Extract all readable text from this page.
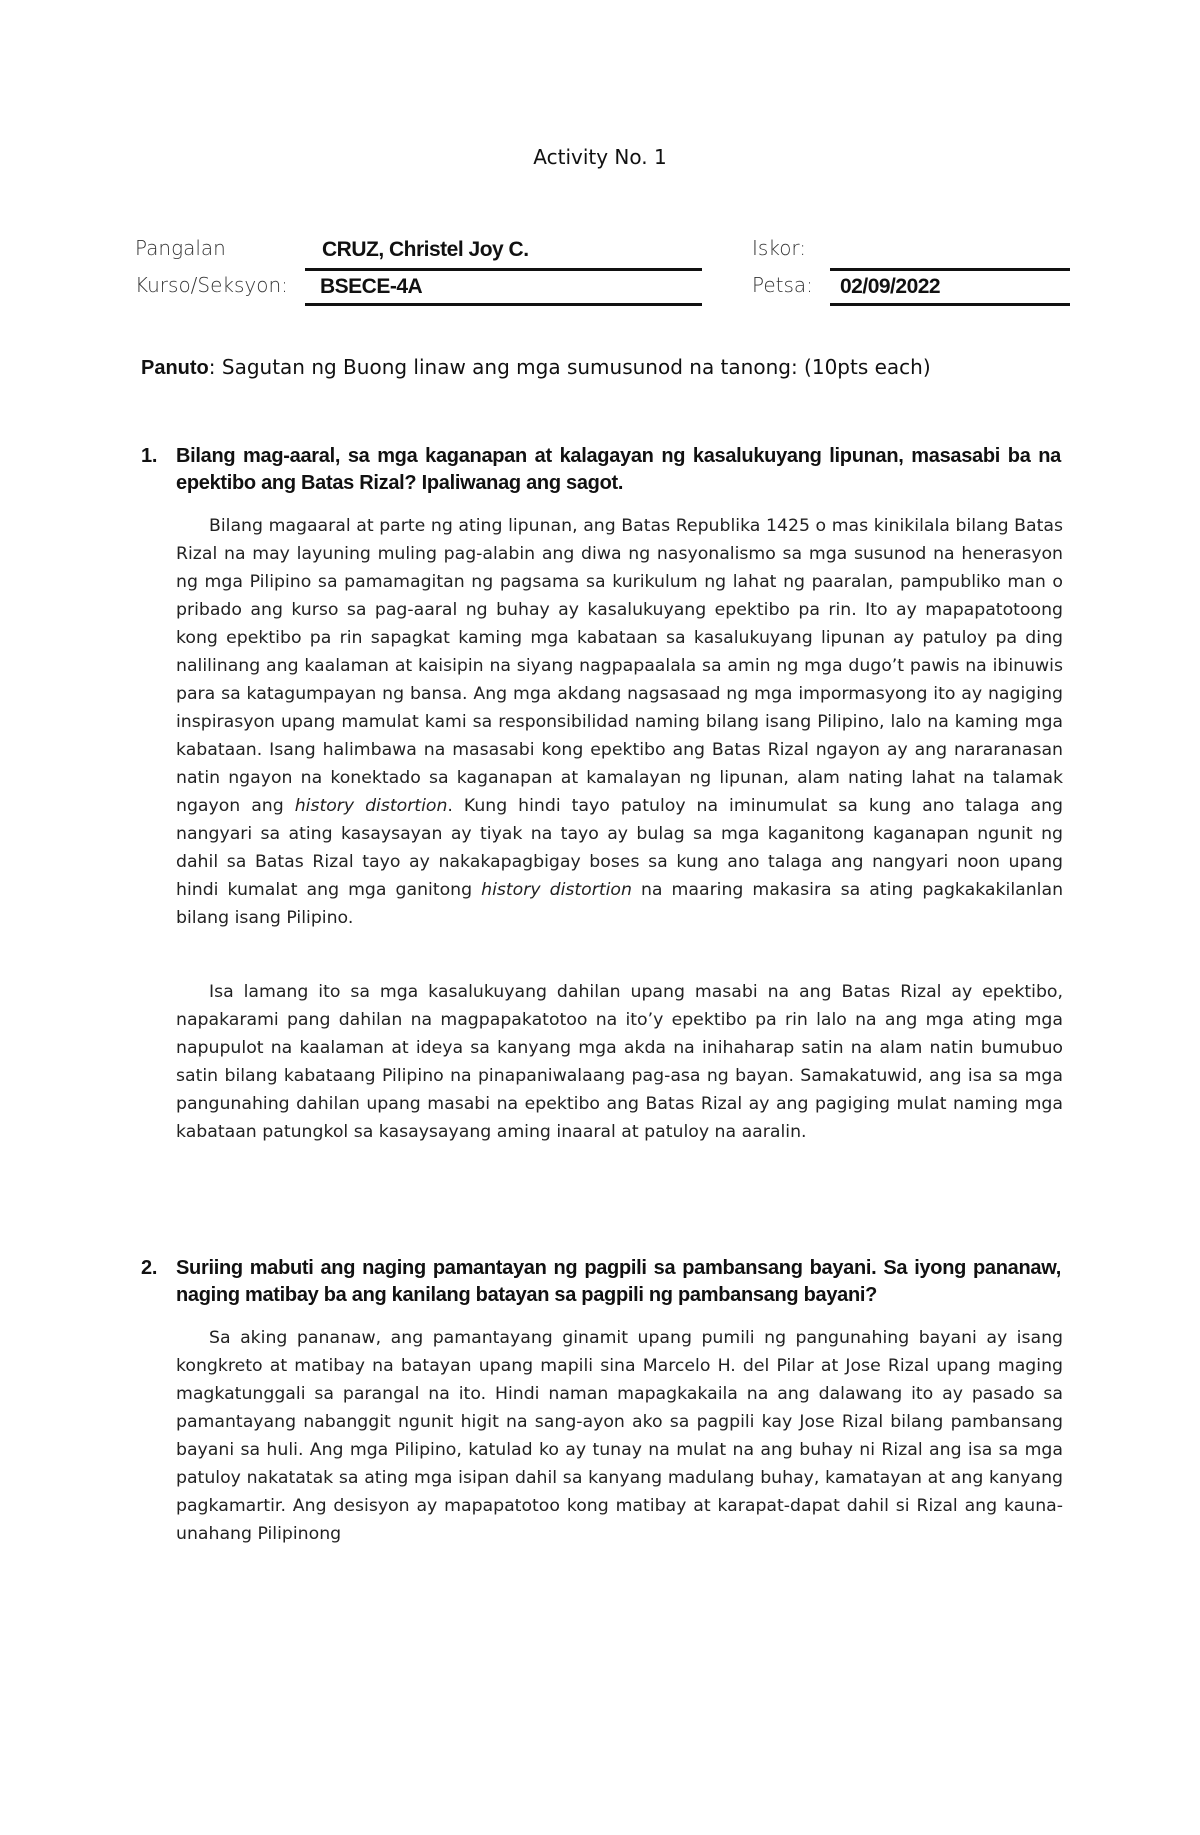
Activity No. 1
Pangalan	CRUZ, Christel Joy C.
Kurso/Seksyon: BSECE-4A
Iskor:
Petsa: 02/09/2022
Panuto: Sagutan ng Buong linaw ang mga sumusunod na tanong: (10pts each)
1. Bilang mag-aaral, sa mga kaganapan at kalagayan ng kasalukuyang lipunan, masasabi ba na epektibo ang Batas Rizal? Ipaliwanag ang sagot.

Bilang magaaral at parte ng ating lipunan, ang Batas Republika 1425 o mas kinikilala bilang Batas Rizal na may layuning muling pag-alabin ang diwa ng nasyonalismo sa mga susunod na henerasyon ng mga Pilipino sa pamamagitan ng pagsama sa kurikulum ng lahat ng paaralan, pampubliko man o pribado ang kurso sa pag-aaral ng buhay ay kasalukuyang epektibo pa rin. Ito ay mapapatotoong kong epektibo pa rin sapagkat kaming mga kabataan sa kasalukuyang lipunan ay patuloy pa ding nalilinang ang kaalaman at kaisipin na siyang nagpapaalala sa amin ng mga dugo’t pawis na ibinuwis para sa katagumpayan ng bansa. Ang mga akdang nagsasaad ng mga impormasyong ito ay nagiging inspirasyon upang mamulat kami sa responsibilidad naming bilang isang Pilipino, lalo na kaming mga kabataan. Isang halimbawa na masasabi kong epektibo ang Batas Rizal ngayon ay ang nararanasan natin ngayon na konektado sa kaganapan at kamalayan ng lipunan, alam nating lahat na talamak ngayon ang history distortion. Kung hindi tayo patuloy na iminumulat sa kung ano talaga ang nangyari sa ating kasaysayan ay tiyak na tayo ay bulag sa mga kaganitong kaganapan ngunit ng dahil sa Batas Rizal tayo ay nakakapagbigay boses sa kung ano talaga ang nangyari noon upang hindi kumalat ang mga ganitong history distortion na maaring makasira sa ating pagkakakilanlan bilang isang Pilipino.

Isa lamang ito sa mga kasalukuyang dahilan upang masabi na ang Batas Rizal ay epektibo, napakarami pang dahilan na magpapakatotoo na ito’y epektibo pa rin lalo na ang mga ating mga napupulot na kaalaman at ideya sa kanyang mga akda na inihaharap satin na alam natin bumubuo satin bilang kabataang Pilipino na pinapaniwalaang pag-asa ng bayan. Samakatuwid, ang isa sa mga pangunahing dahilan upang masabi na epektibo ang Batas Rizal ay ang pagiging mulat naming mga kabataan patungkol sa kasaysayang aming inaaral at patuloy na aaralin.

2. Suriing mabuti ang naging pamantayan ng pagpili sa pambansang bayani. Sa iyong pananaw, naging matibay ba ang kanilang batayan sa pagpili ng pambansang bayani?

Sa aking pananaw, ang pamantayang ginamit upang pumili ng pangunahing bayani ay isang kongkreto at matibay na batayan upang mapili sina Marcelo H. del Pilar at Jose Rizal upang maging magkatunggali sa parangal na ito. Hindi naman mapagkakaila na ang dalawang ito ay pasado sa pamantayang nabanggit ngunit higit na sang-ayon ako sa pagpili kay Jose Rizal bilang pambansang bayani sa huli. Ang mga Pilipino, katulad ko ay tunay na mulat na ang buhay ni Rizal ang isa sa mga patuloy nakatatak sa ating mga isipan dahil sa kanyang madulang buhay, kamatayan at ang kanyang pagkamartir. Ang desisyon ay mapapatotoo kong matibay at karapat-dapat dahil si Rizal ang kauna- unahang Pilipinong
